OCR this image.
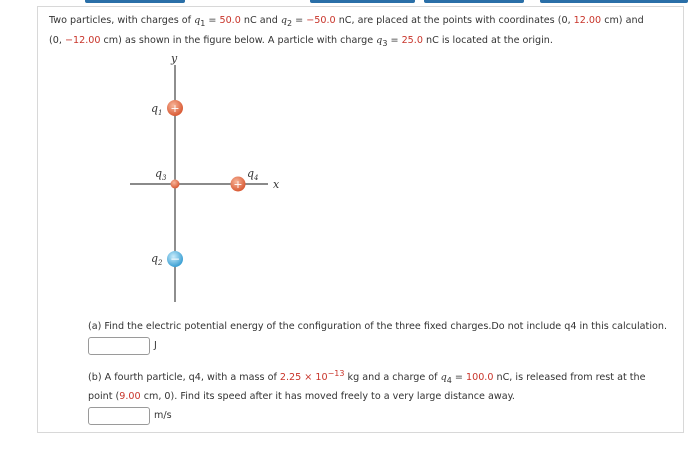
Two particles, with charges of $q_1 = 50.0$ nC and $q_2 = -50.0$ nC, are placed at the points with coordinates (0, 12.00 cm) and
(0, −12.00 cm) as shown in the figure below. A particle with charge $q_3 = 25.0$ nC is located at the origin.
y
x
$q_1$ +
$q_3$	$q_4$
+
$q_2$ −
(a) Find the electric potential energy of the configuration of the three fixed charges.Do not include q4 in this calculation.
J
(b) A fourth particle, q4, with a mass of $2.25 \times 10^{-13}$ kg and a charge of $q_4 = 100.0$ nC, is released from rest at the
point (9.00 cm, 0). Find its speed after it has moved freely to a very large distance away.
m/s
